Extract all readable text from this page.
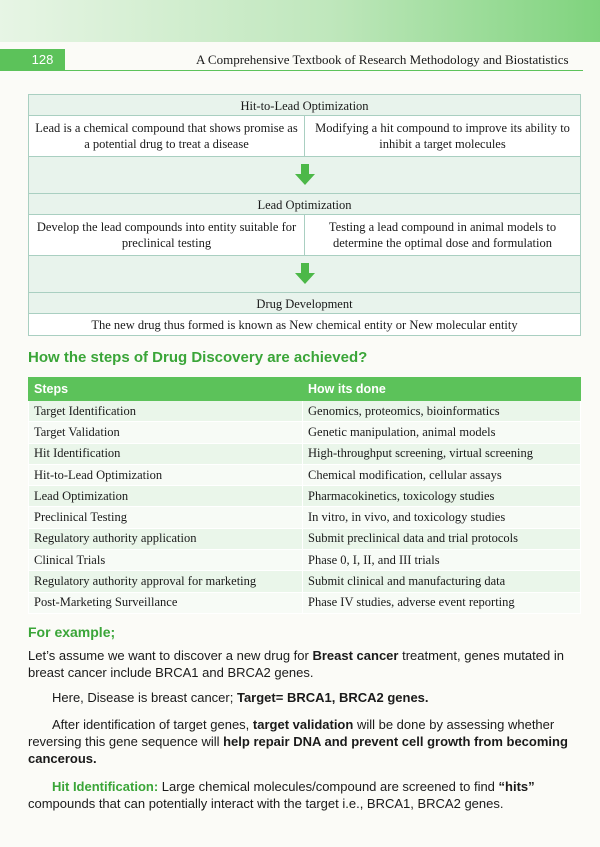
128	A Comprehensive Textbook of Research Methodology and Biostatistics
Hit-to-Lead Optimization
Lead is a chemical compound that shows promise as a potential drug to treat a disease
Modifying a hit compound to improve its ability to inhibit a target molecules
Lead Optimization
Develop the lead compounds into entity suitable for preclinical testing
Testing a lead compound in animal models to determine the optimal dose and formulation
Drug Development
The new drug thus formed is known as New chemical entity or New molecular entity
How the steps of Drug Discovery are achieved?
Steps	How its done
Target Identification	Genomics, proteomics, bioinformatics
Target Validation	Genetic manipulation, animal models
Hit Identification	High-throughput screening, virtual screening
Hit-to-Lead Optimization	Chemical modification, cellular assays
Lead Optimization	Pharmacokinetics, toxicology studies
Preclinical Testing	In vitro, in vivo, and toxicology studies
Regulatory authority application	Submit preclinical data and trial protocols
Clinical Trials	Phase 0, I, II, and III trials
Regulatory authority approval for marketing	Submit clinical and manufacturing data
Post-Marketing Surveillance	Phase IV studies, adverse event reporting
For example;

Let’s assume we want to discover a new drug for Breast cancer treatment, genes mutated in breast cancer include BRCA1 and BRCA2 genes.

Here, Disease is breast cancer; Target= BRCA1, BRCA2 genes.

After identification of target genes, target validation will be done by assessing whether reversing this gene sequence will help repair DNA and prevent cell growth from becoming cancerous.

Hit Identification: Large chemical molecules/compound are screened to find “hits” compounds that can potentially interact with the target i.e., BRCA1, BRCA2 genes.
